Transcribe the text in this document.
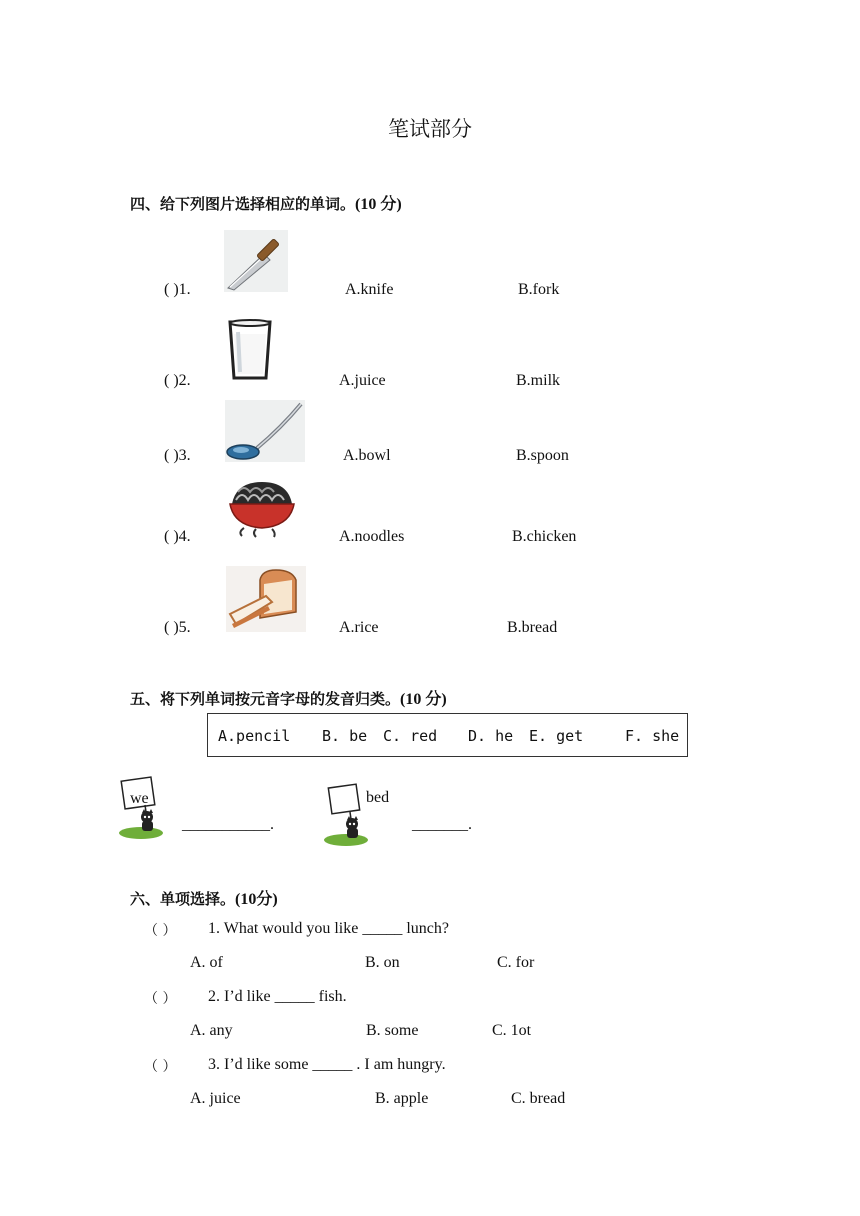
笔试部分
四、给下列图片选择相应的单词。(10 分)
( )1.	A.knife	B.fork
( )2.	A.juice	B.milk
( )3.	A.bowl	B.spoon
( )4.	A.noodles	B.chicken
( )5.	A.rice	B.bread
五、将下列单词按元音字母的发音归类。(10 分)
A.pencil B. be C. red D. he E. get	F. she
we
___________.
bed
_______.
六、单项选择。(10分)
（ ） 1. What would you like _____ lunch?
A. of	B. on	C. for
（ ） 2. I’d like _____ fish.
A. any	B. some	C. 1ot
（ ） 3. I’d like some _____ . I am hungry.
A. juice	B. apple	C. bread
